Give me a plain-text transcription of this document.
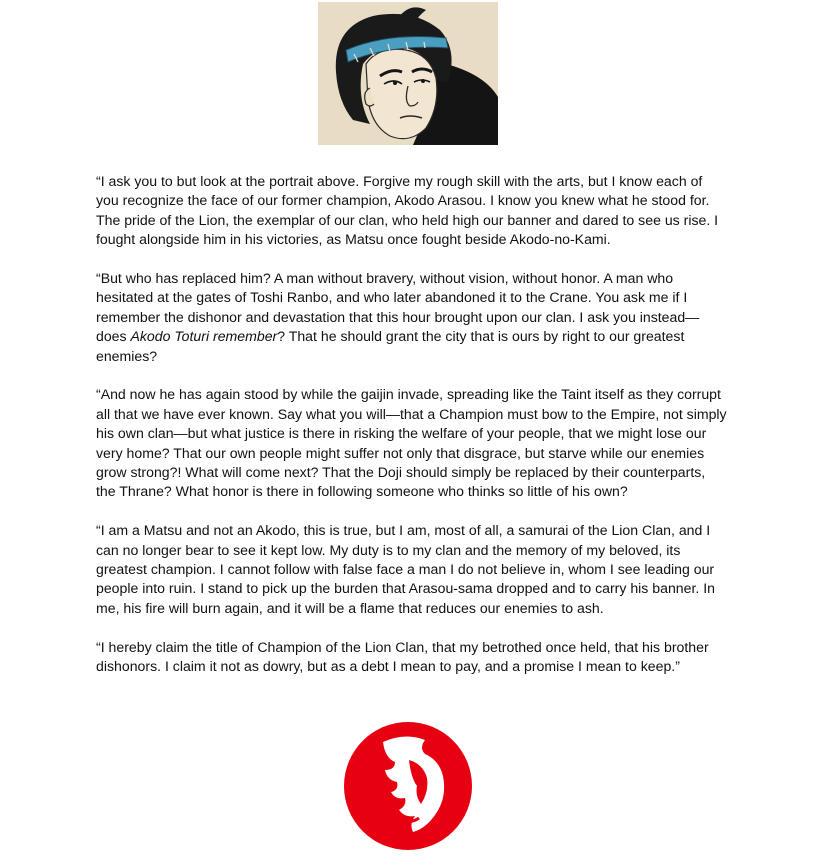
“I ask you to but look at the portrait above. Forgive my rough skill with the arts, but I know each of you recognize the face of our former champion, Akodo Arasou. I know you knew what he stood for. The pride of the Lion, the exemplar of our clan, who held high our banner and dared to see us rise. I fought alongside him in his victories, as Matsu once fought beside Akodo-no-Kami.

“But who has replaced him? A man without bravery, without vision, without honor. A man who hesitated at the gates of Toshi Ranbo, and who later abandoned it to the Crane. You ask me if I remember the dishonor and devastation that this hour brought upon our clan. I ask you instead—does Akodo Toturi remember? That he should grant the city that is ours by right to our greatest enemies?

“And now he has again stood by while the gaijin invade, spreading like the Taint itself as they corrupt all that we have ever known. Say what you will—that a Champion must bow to the Empire, not simply his own clan—but what justice is there in risking the welfare of your people, that we might lose our very home? That our own people might suffer not only that disgrace, but starve while our enemies grow strong?! What will come next? That the Doji should simply be replaced by their counterparts, the Thrane? What honor is there in following someone who thinks so little of his own?

“I am a Matsu and not an Akodo, this is true, but I am, most of all, a samurai of the Lion Clan, and I can no longer bear to see it kept low. My duty is to my clan and the memory of my beloved, its greatest champion. I cannot follow with false face a man I do not believe in, whom I see leading our people into ruin. I stand to pick up the burden that Arasou-sama dropped and to carry his banner. In me, his fire will burn again, and it will be a flame that reduces our enemies to ash.

“I hereby claim the title of Champion of the Lion Clan, that my betrothed once held, that his brother dishonors. I claim it not as dowry, but as a debt I mean to pay, and a promise I mean to keep.”
